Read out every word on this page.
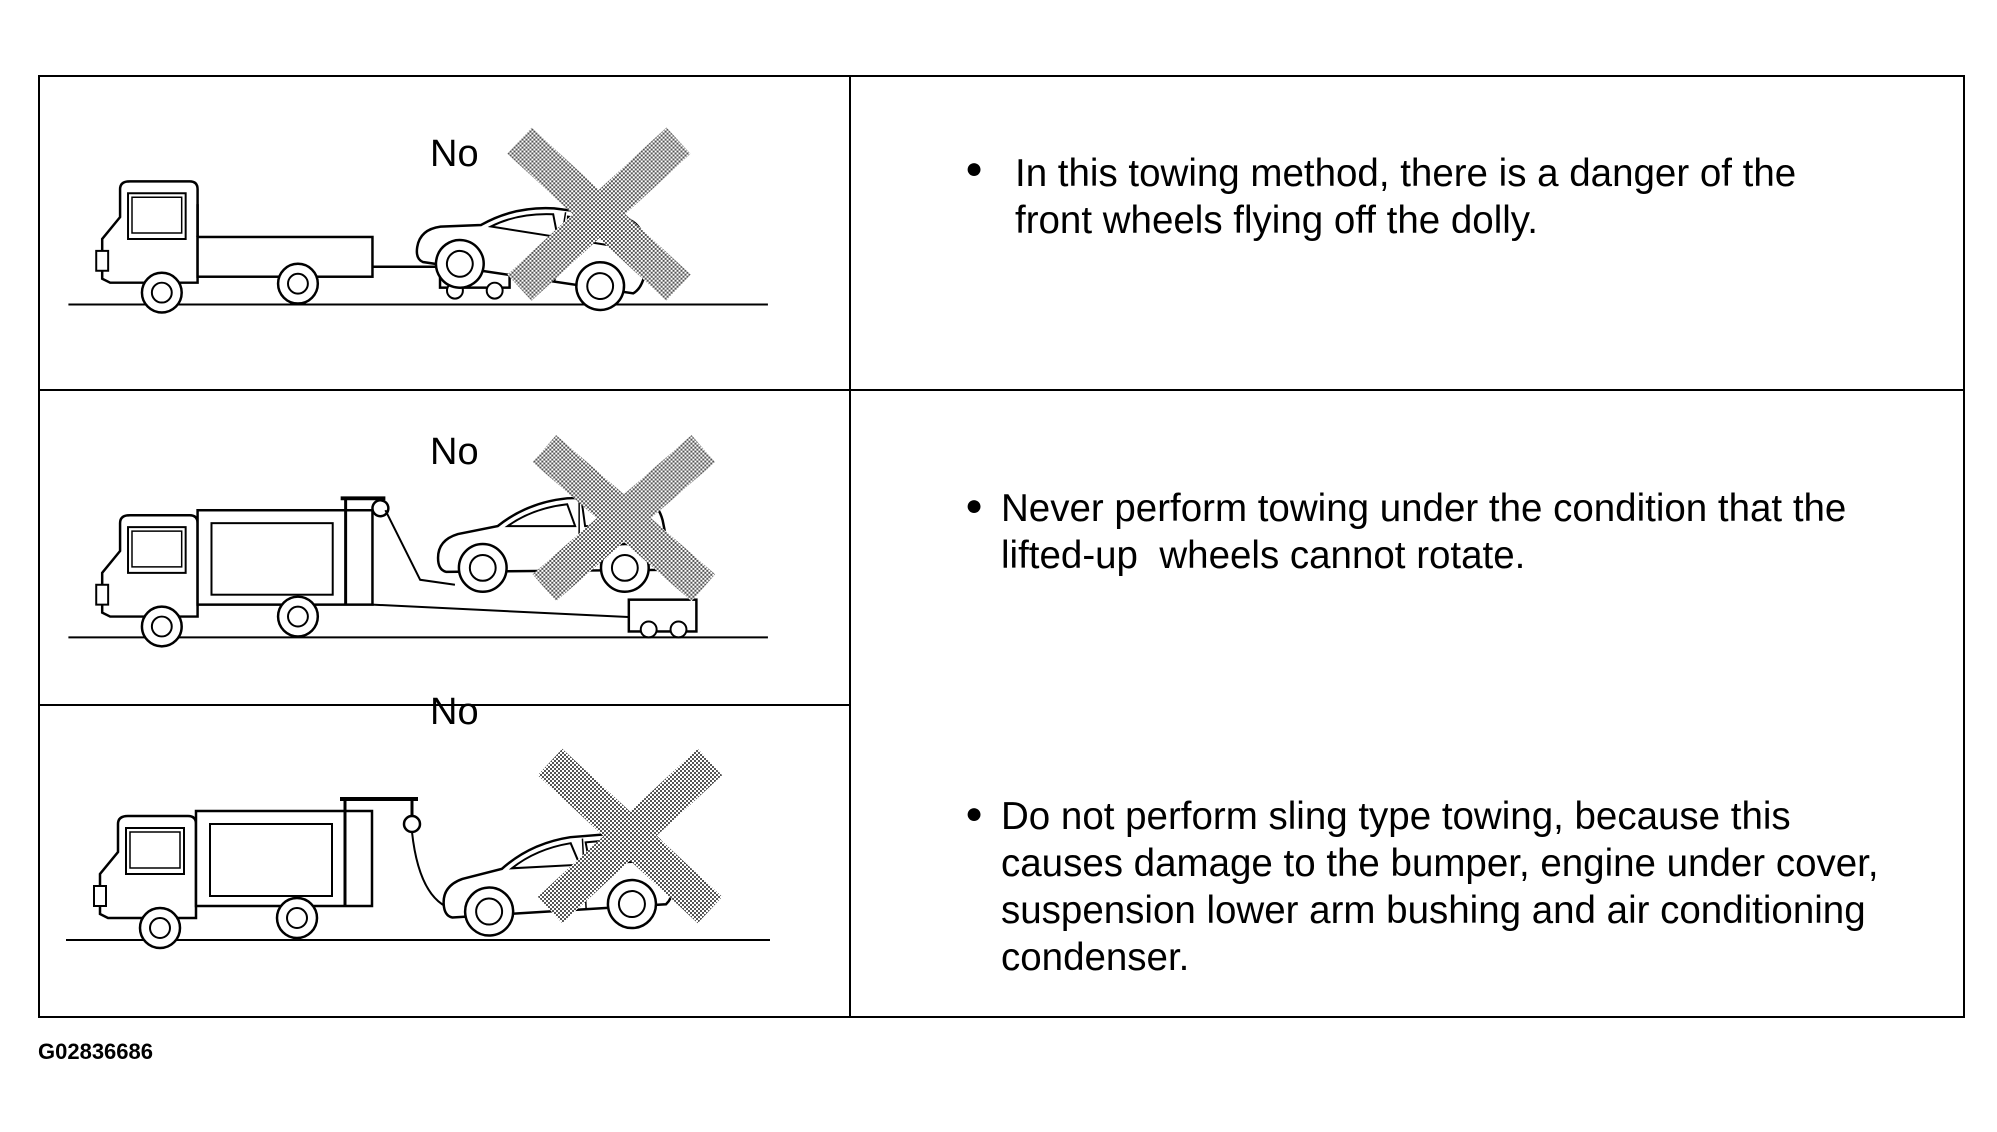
No
No
No
● In this towing method, there is a danger of the
front wheels flying off the dolly.
● Never perform towing under the condition that the
lifted-up  wheels cannot rotate.
● Do not perform sling type towing, because this
causes damage to the bumper, engine under cover,
suspension lower arm bushing and air conditioning
condenser.
G02836686
